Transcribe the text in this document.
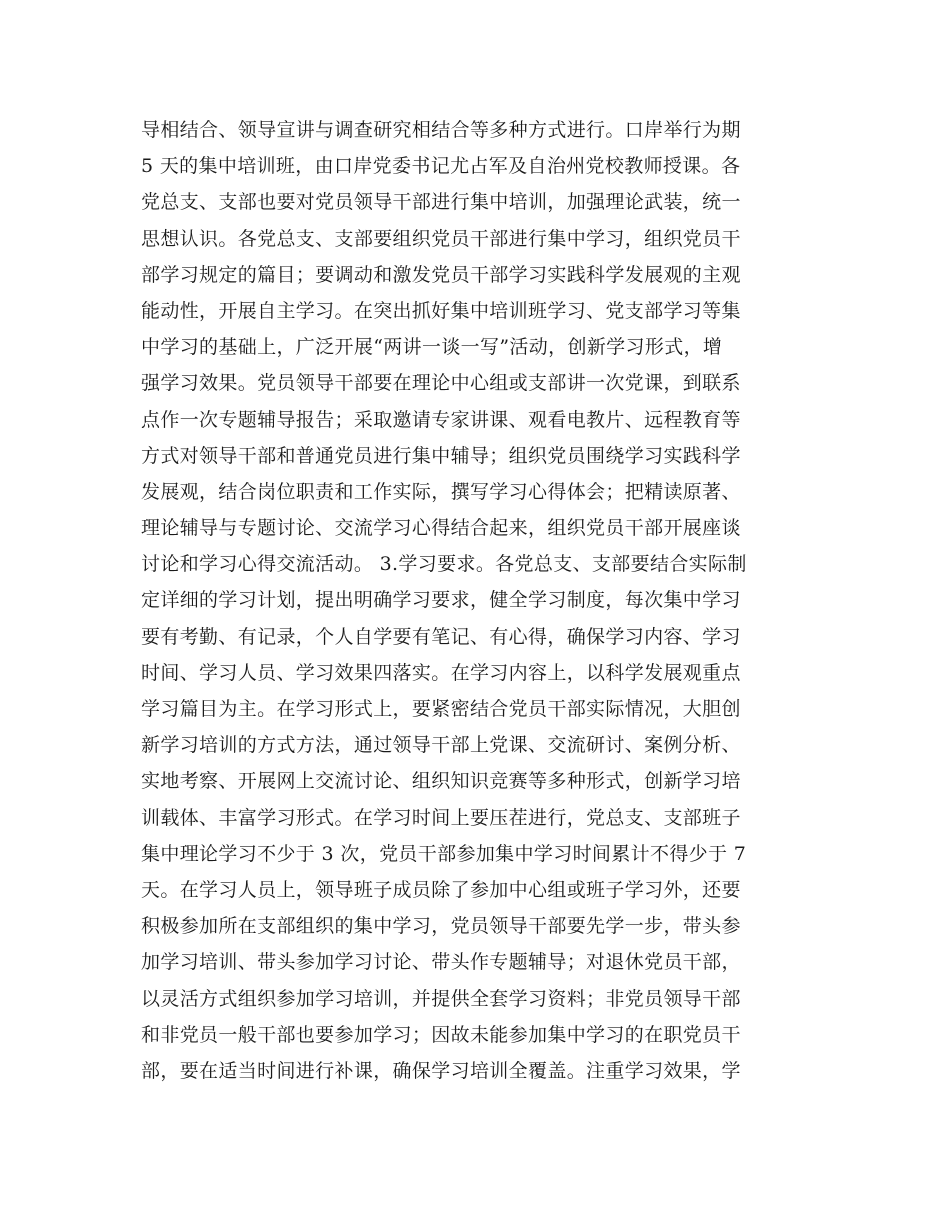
导相结合、领导宣讲与调查研究相结合等多种方式进行。口岸举行为期
5 天的集中培训班，由口岸党委书记尤占军及自治州党校教师授课。各
党总支、支部也要对党员领导干部进行集中培训，加强理论武装，统一
思想认识。各党总支、支部要组织党员干部进行集中学习，组织党员干
部学习规定的篇目；要调动和激发党员干部学习实践科学发展观的主观
能动性，开展自主学习。在突出抓好集中培训班学习、党支部学习等集
中学习的基础上，广泛开展“两讲一谈一写”活动，创新学习形式，增
强学习效果。党员领导干部要在理论中心组或支部讲一次党课，到联系
点作一次专题辅导报告；采取邀请专家讲课、观看电教片、远程教育等
方式对领导干部和普通党员进行集中辅导；组织党员围绕学习实践科学
发展观，结合岗位职责和工作实际，撰写学习心得体会；把精读原著、
理论辅导与专题讨论、交流学习心得结合起来，组织党员干部开展座谈
讨论和学习心得交流活动。 3.学习要求。各党总支、支部要结合实际制
定详细的学习计划，提出明确学习要求，健全学习制度，每次集中学习
要有考勤、有记录，个人自学要有笔记、有心得，确保学习内容、学习
时间、学习人员、学习效果四落实。在学习内容上，以科学发展观重点
学习篇目为主。在学习形式上，要紧密结合党员干部实际情况，大胆创
新学习培训的方式方法，通过领导干部上党课、交流研讨、案例分析、
实地考察、开展网上交流讨论、组织知识竞赛等多种形式，创新学习培
训载体、丰富学习形式。在学习时间上要压茬进行，党总支、支部班子
集中理论学习不少于 3 次，党员干部参加集中学习时间累计不得少于 7
天。在学习人员上，领导班子成员除了参加中心组或班子学习外，还要
积极参加所在支部组织的集中学习，党员领导干部要先学一步，带头参
加学习培训、带头参加学习讨论、带头作专题辅导；对退休党员干部，
以灵活方式组织参加学习培训，并提供全套学习资料；非党员领导干部
和非党员一般干部也要参加学习；因故未能参加集中学习的在职党员干
部，要在适当时间进行补课，确保学习培训全覆盖。注重学习效果，学
